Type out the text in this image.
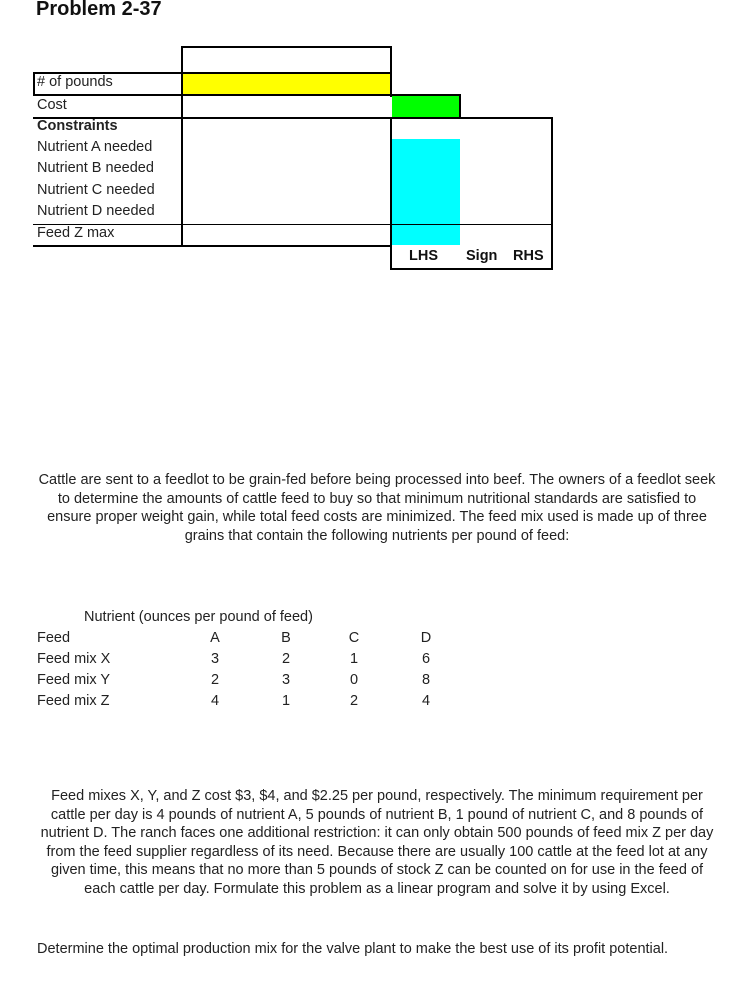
Problem 2-37
LHS Sign RHS
# of pounds
Cost
Constraints
Nutrient A needed
Nutrient B needed
Nutrient C needed
Nutrient D needed
Feed Z max
Cattle are sent to a feedlot to be grain-fed before being processed into beef. The owners of a feedlot seek to determine the amounts of cattle feed to buy so that minimum nutritional standards are satisfied to ensure proper weight gain, while total feed costs are minimized. The feed mix used is made up of three grains that contain the following nutrients per pound of feed:
Nutrient (ounces per pound of feed)
Feed	A	B	C	D
Feed mix X	3	2	1	6
Feed mix Y	2	3	0	8
Feed mix Z	4	1	2	4
Feed mixes X, Y, and Z cost $3, $4, and $2.25 per pound, respectively. The minimum requirement per cattle per day is 4 pounds of nutrient A, 5 pounds of nutrient B, 1 pound of nutrient C, and 8 pounds of nutrient D. The ranch faces one additional restriction: it can only obtain 500 pounds of feed mix Z per day from the feed supplier regardless of its need. Because there are usually 100 cattle at the feed lot at any given time, this means that no more than 5 pounds of stock Z can be counted on for use in the feed of each cattle per day. Formulate this problem as a linear program and solve it by using Excel.
Determine the optimal production mix for the valve plant to make the best use of its profit potential.
